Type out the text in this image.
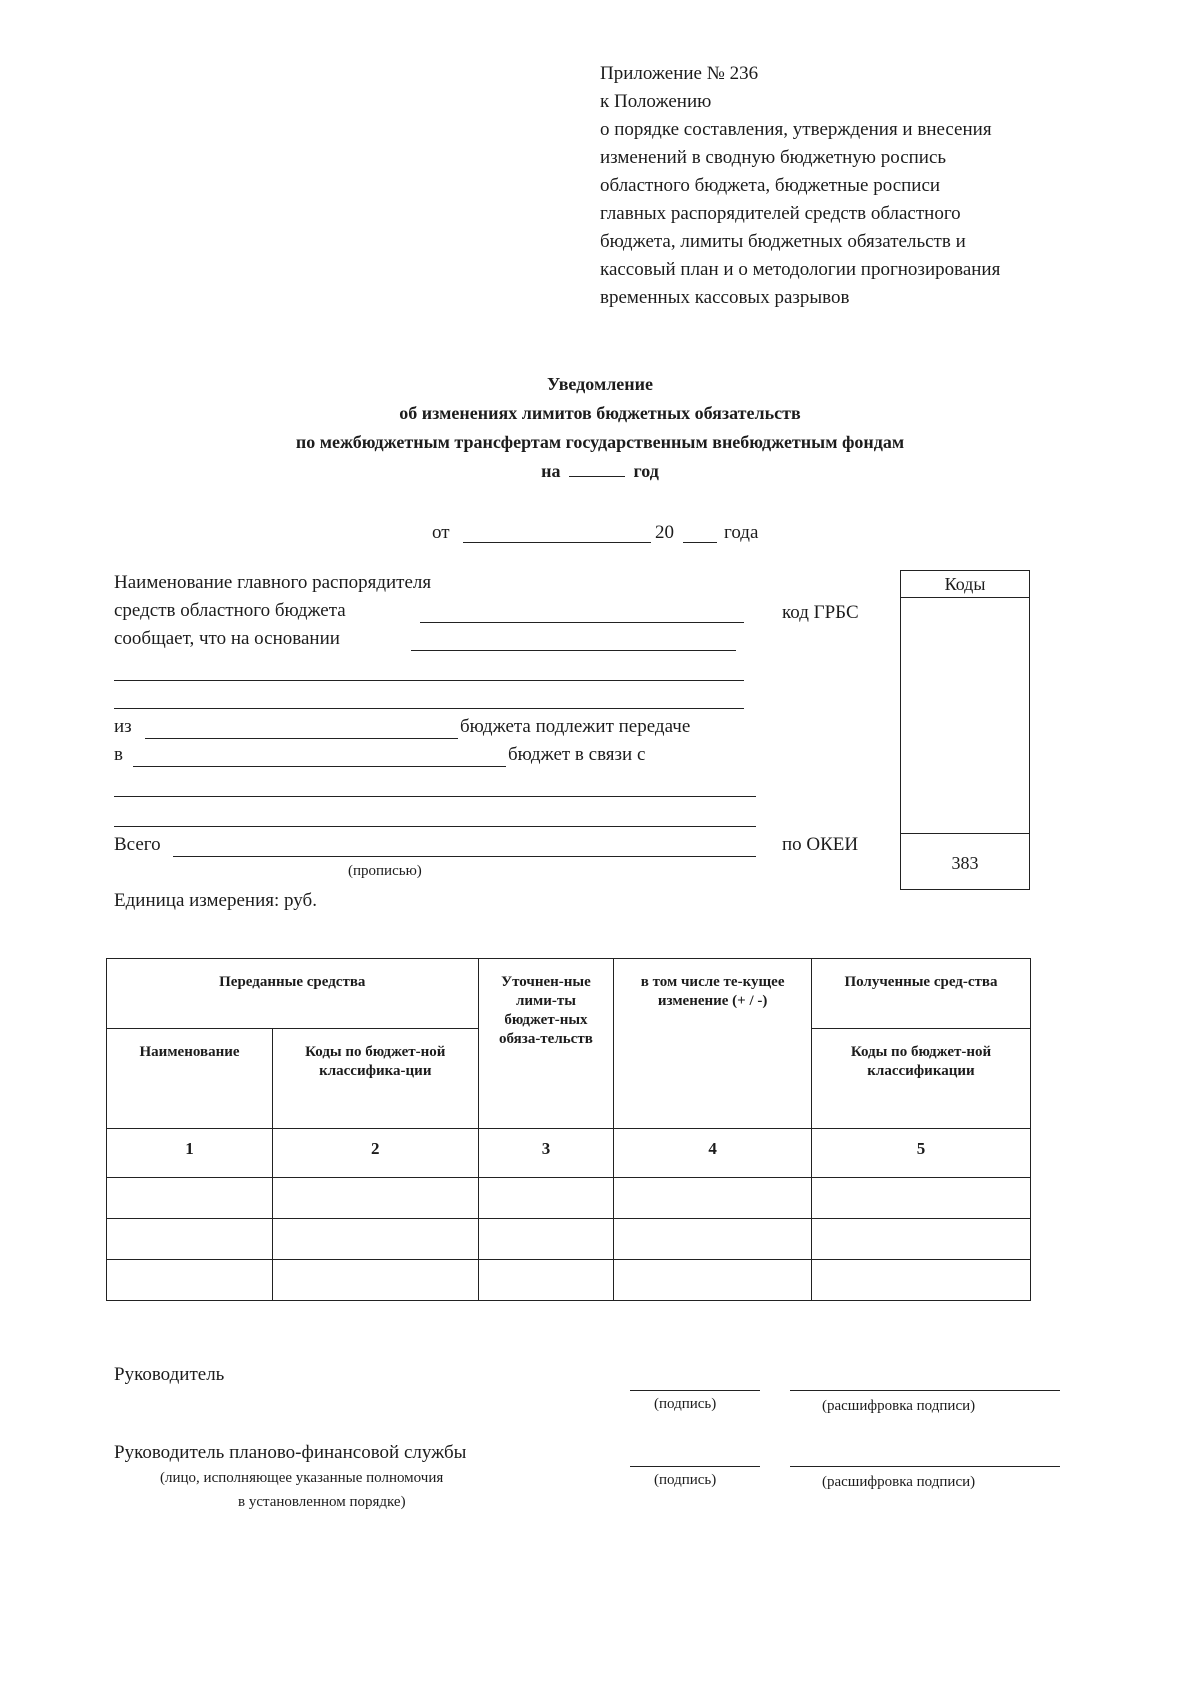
Приложение № 236
к Положению
о порядке составления, утверждения и внесения
изменений в сводную бюджетную роспись
областного бюджета, бюджетные росписи
главных распорядителей средств областного
бюджета, лимиты бюджетных обязательств и
кассовый план и о методологии прогнозирования
временных кассовых разрывов
Уведомление
об изменениях лимитов бюджетных обязательств
по межбюджетным трансфертам государственным внебюджетным фондам
на	год
от	20	года
Наименование главного распорядителя
средств областного бюджета
сообщает, что на основании
из	бюджета подлежит передаче
в	бюджет в связи с
Всего
(прописью)
Единица измерения: руб.
код ГРБС
по ОКЕИ
Коды
383
Переданные средства		Уточнен-ные лими-ты бюджет-ных обяза-тельств	в том числе те-кущее изменение (+ / -)	Полученные сред-ства

Наименование	Коды по бюджет-ной классифика-ции			Коды по бюджет-ной классификации

1	2	3	4	5

Руководитель
(подпись)	(расшифровка подписи)
Руководитель планово-финансовой службы
(лицо, исполняющее указанные полномочия
в установленном порядке)
(подпись)	(расшифровка подписи)
